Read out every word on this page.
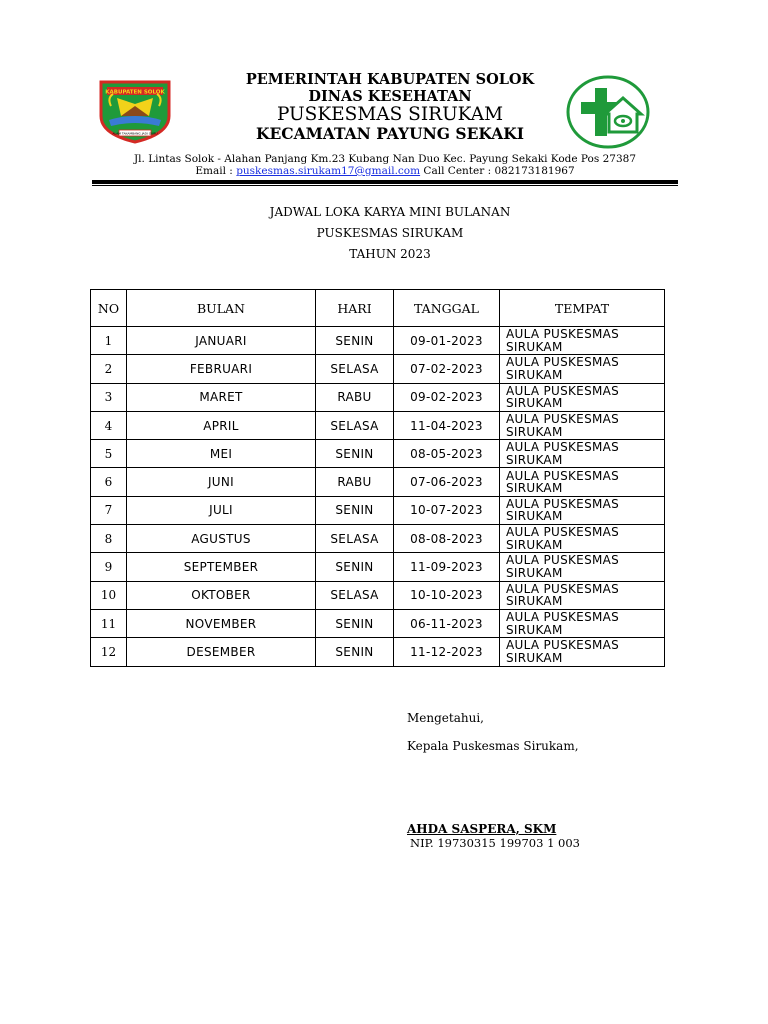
KABUPATEN SOLOK
ALAM TAKAMBANG JADI GURU
PEMERINTAH KABUPATEN SOLOK
DINAS KESEHATAN
PUSKESMAS SIRUKAM
KECAMATAN PAYUNG SEKAKI
Jl. Lintas Solok - Alahan Panjang Km.23 Kubang Nan Duo Kec. Payung Sekaki Kode Pos 27387
Email : puskesmas.sirukam17@gmail.com Call Center : 082173181967
JADWAL LOKA KARYA MINI BULANAN
PUSKESMAS SIRUKAM
TAHUN 2023
NO	BULAN	HARI	TANGGAL	TEMPAT
1	JANUARI	SENIN	09-01-2023	AULA PUSKESMAS
SIRUKAM

2	FEBRUARI	SELASA	07-02-2023	AULA PUSKESMAS
SIRUKAM

3	MARET	RABU	09-02-2023	AULA PUSKESMAS
SIRUKAM

4	APRIL	SELASA	11-04-2023	AULA PUSKESMAS
SIRUKAM

5	MEI	SENIN	08-05-2023	AULA PUSKESMAS
SIRUKAM

6	JUNI	RABU	07-06-2023	AULA PUSKESMAS
SIRUKAM

7	JULI	SENIN	10-07-2023	AULA PUSKESMAS
SIRUKAM

8	AGUSTUS	SELASA	08-08-2023	AULA PUSKESMAS
SIRUKAM

9	SEPTEMBER	SENIN	11-09-2023	AULA PUSKESMAS
SIRUKAM

10	OKTOBER	SELASA	10-10-2023	AULA PUSKESMAS
SIRUKAM

11	NOVEMBER	SENIN	06-11-2023	AULA PUSKESMAS
SIRUKAM

12	DESEMBER	SENIN	11-12-2023	AULA PUSKESMAS
SIRUKAM
Mengetahui,
Kepala Puskesmas Sirukam,
AHDA SASPERA, SKM
NIP. 19730315 199703 1 003
